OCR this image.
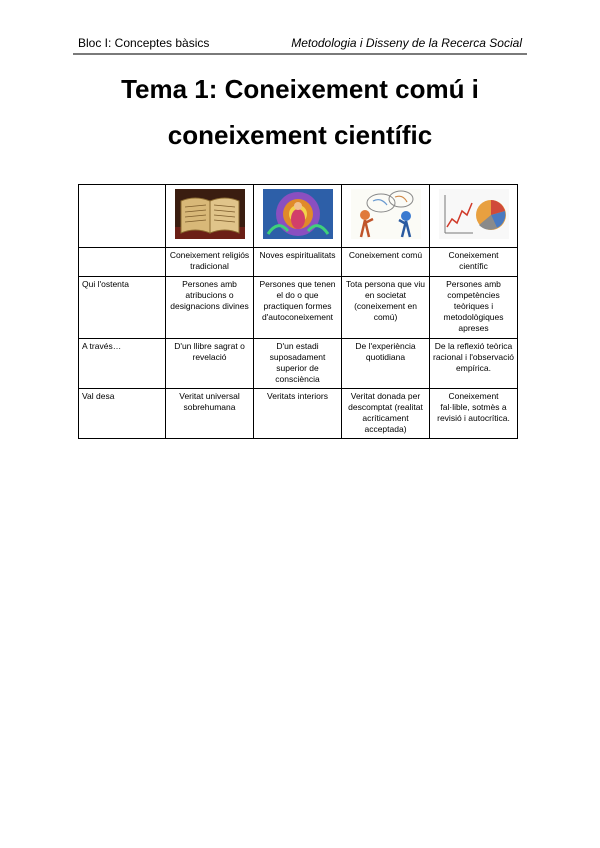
Bloc I: Conceptes bàsics	Metodologia i Disseny de la Recerca Social
Tema 1: Coneixement comú i
coneixement científic

	Coneixement religiós tradicional	Noves espiritualitats	Coneixement comú	Coneixement científic
Qui l'ostenta	Persones amb atribucions o designacions divines	Persones que tenen el do o que practiquen formes d'autoconeixement	Tota persona que viu en societat (coneixement en comú)	Persones amb competències teòriques i metodològiques apreses
A través…	D'un llibre sagrat o revelació	D'un estadi suposadament superior de consciència	De l'experiència quotidiana	De la reflexió teòrica racional i l'observació empírica.
Val desa	Veritat universal sobrehumana	Veritats interiors	Veritat donada per descomptat (realitat acríticament acceptada)	Coneixement fal·lible, sotmès a revisió i autocrítica.
